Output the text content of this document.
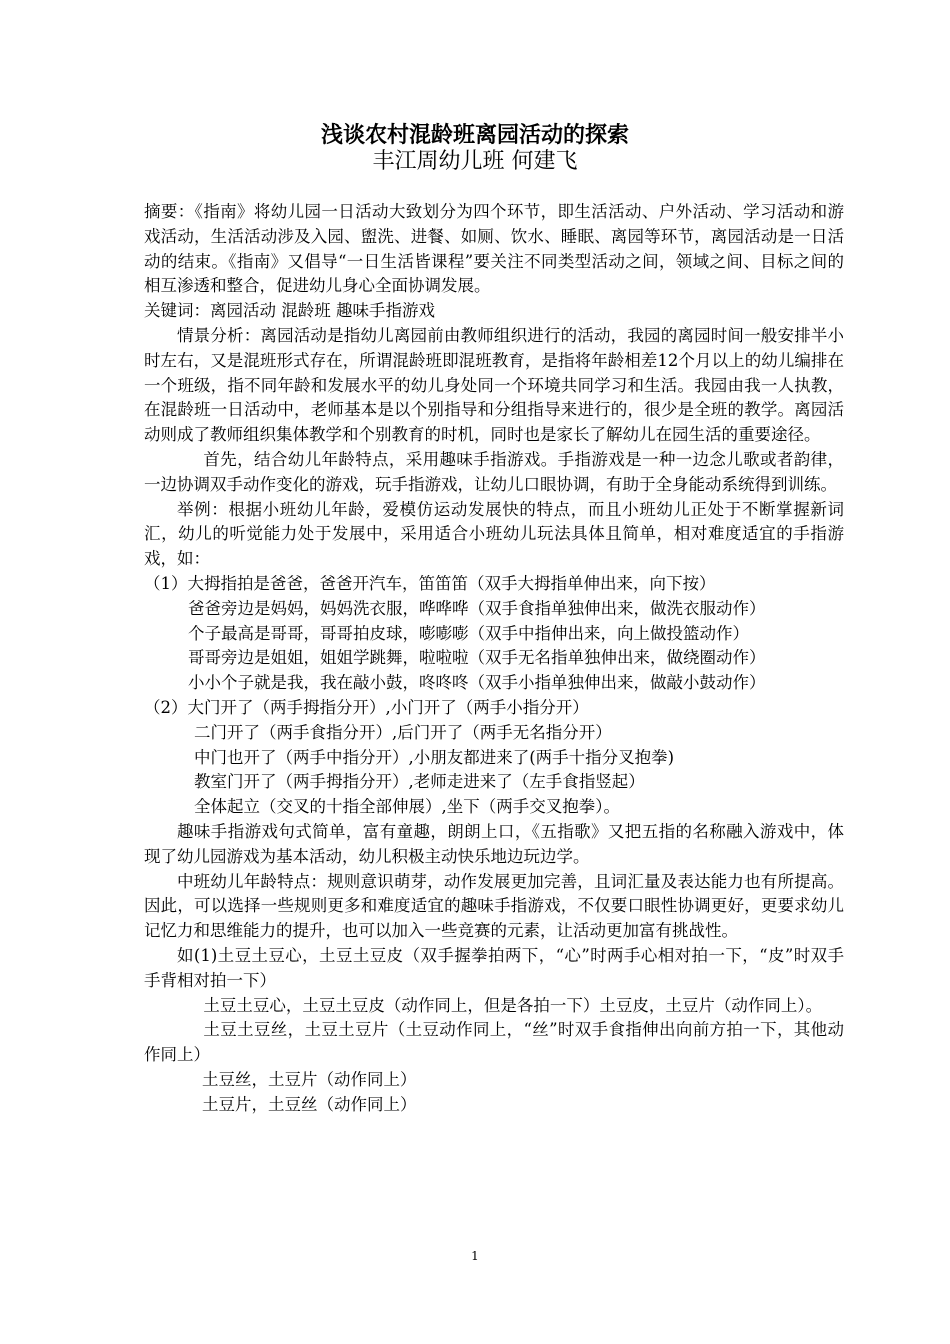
浅谈农村混龄班离园活动的探索
丰江周幼儿班 何建飞

摘要：《指南》将幼儿园一日活动大致划分为四个环节，即生活活动、户外活动、学习活动和游戏活动，生活活动涉及入园、盥洗、进餐、如厕、饮水、睡眠、离园等环节，离园活动是一日活动的结束。《指南》又倡导“一日生活皆课程”要关注不同类型活动之间，领域之间、目标之间的相互渗透和整合，促进幼儿身心全面协调发展。

关键词：离园活动 混龄班 趣味手指游戏

情景分析：离园活动是指幼儿离园前由教师组织进行的活动，我园的离园时间一般安排半小时左右，又是混班形式存在，所谓混龄班即混班教育，是指将年龄相差12个月以上的幼儿编排在一个班级，指不同年龄和发展水平的幼儿身处同一个环境共同学习和生活。我园由我一人执教，在混龄班一日活动中，老师基本是以个别指导和分组指导来进行的，很少是全班的教学。离园活动则成了教师组织集体教学和个别教育的时机，同时也是家长了解幼儿在园生活的重要途径。

首先，结合幼儿年龄特点，采用趣味手指游戏。手指游戏是一种一边念儿歌或者韵律，一边协调双手动作变化的游戏，玩手指游戏，让幼儿口眼协调，有助于全身能动系统得到训练。

举例：根据小班幼儿年龄，爱模仿运动发展快的特点，而且小班幼儿正处于不断掌握新词汇，幼儿的听觉能力处于发展中，采用适合小班幼儿玩法具体且简单，相对难度适宜的手指游戏，如：

（1）大拇指拍是爸爸，爸爸开汽车，笛笛笛（双手大拇指单伸出来，向下按）

爸爸旁边是妈妈，妈妈洗衣服，哗哗哗（双手食指单独伸出来，做洗衣服动作）

个子最高是哥哥，哥哥拍皮球，嘭嘭嘭（双手中指伸出来，向上做投篮动作）

哥哥旁边是姐姐，姐姐学跳舞，啦啦啦（双手无名指单独伸出来，做绕圈动作）

小小个子就是我，我在敲小鼓，咚咚咚（双手小指单独伸出来，做敲小鼓动作）

（2）大门开了（两手拇指分开）,小门开了（两手小指分开）

二门开了（两手食指分开）,后门开了（两手无名指分开）

中门也开了（两手中指分开）,小朋友都进来了(两手十指分叉抱拳)

教室门开了（两手拇指分开）,老师走进来了（左手食指竖起）

全体起立（交叉的十指全部伸展）,坐下（两手交叉抱拳）。

趣味手指游戏句式简单，富有童趣，朗朗上口，《五指歌》又把五指的名称融入游戏中，体现了幼儿园游戏为基本活动，幼儿积极主动快乐地边玩边学。

中班幼儿年龄特点：规则意识萌芽，动作发展更加完善，且词汇量及表达能力也有所提高。因此，可以选择一些规则更多和难度适宜的趣味手指游戏，不仅要口眼性协调更好，更要求幼儿记忆力和思维能力的提升，也可以加入一些竞赛的元素，让活动更加富有挑战性。

如(1)土豆土豆心，土豆土豆皮（双手握拳拍两下，“心”时两手心相对拍一下，“皮”时双手手背相对拍一下）

土豆土豆心，土豆土豆皮（动作同上，但是各拍一下）土豆皮，土豆片（动作同上）。

土豆土豆丝，土豆土豆片（土豆动作同上，“丝”时双手食指伸出向前方拍一下，其他动作同上）

土豆丝，土豆片（动作同上）

土豆片，土豆丝（动作同上）

1
